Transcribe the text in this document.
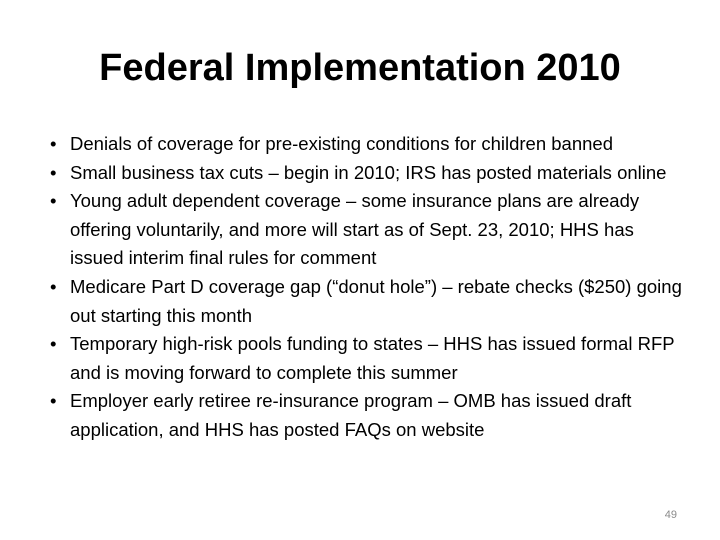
Federal Implementation 2010
• Denials of coverage for pre-existing conditions for children banned
• Small business tax cuts – begin in 2010; IRS has posted materials online
• Young adult dependent coverage – some insurance plans are already offering voluntarily, and more will start as of Sept. 23, 2010; HHS has issued interim final rules for comment
• Medicare Part D coverage gap (“donut hole”) – rebate checks ($250) going out starting this month
• Temporary high-risk pools funding to states – HHS has issued formal RFP and is moving forward to complete this summer
• Employer early retiree re-insurance program – OMB has issued draft application, and HHS has posted FAQs on website
49
